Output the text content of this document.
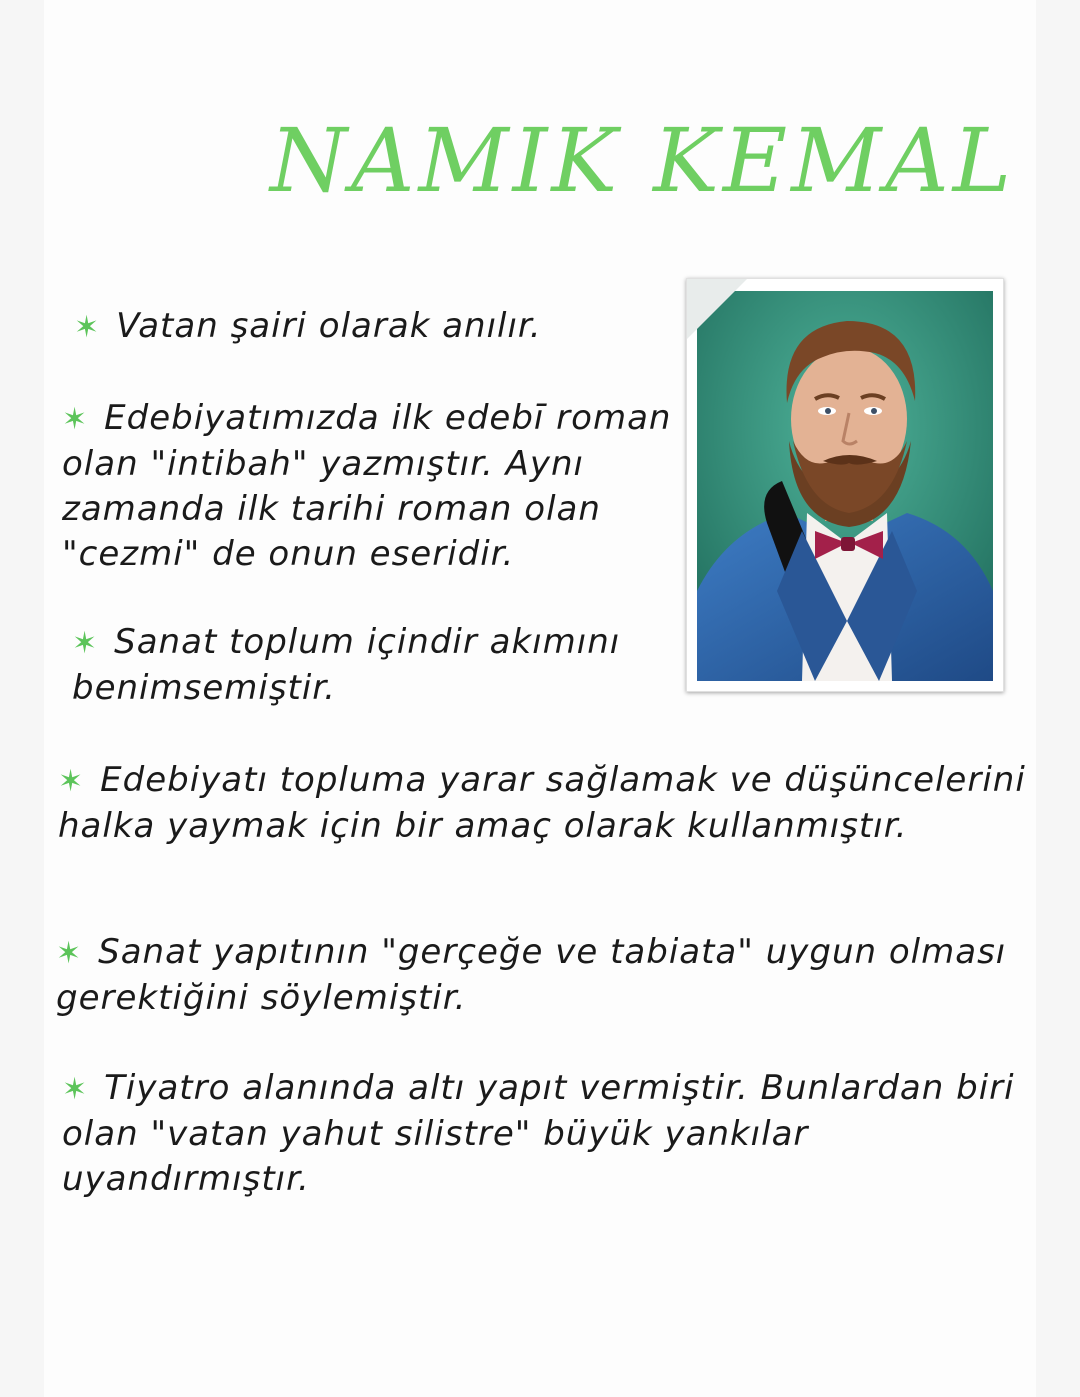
NAMIK KEMAL
✶ Vatan şairi olarak anılır.
✶ Edebiyatımızda ilk edebī roman olan "intibah" yazmıştır. Aynı zamanda ilk tarihi roman olan "cezmi" de onun eseridir.
✶ Sanat toplum içindir akımını benimsemiştir.
✶ Edebiyatı topluma yarar sağlamak ve düşüncelerini halka yaymak için bir amaç olarak kullanmıştır.
✶ Sanat yapıtının "gerçeğe ve tabiata" uygun olması gerektiğini söylemiştir.
✶ Tiyatro alanında altı yapıt vermiştir. Bunlardan biri olan "vatan yahut silistre" büyük yankılar uyandırmıştır.
